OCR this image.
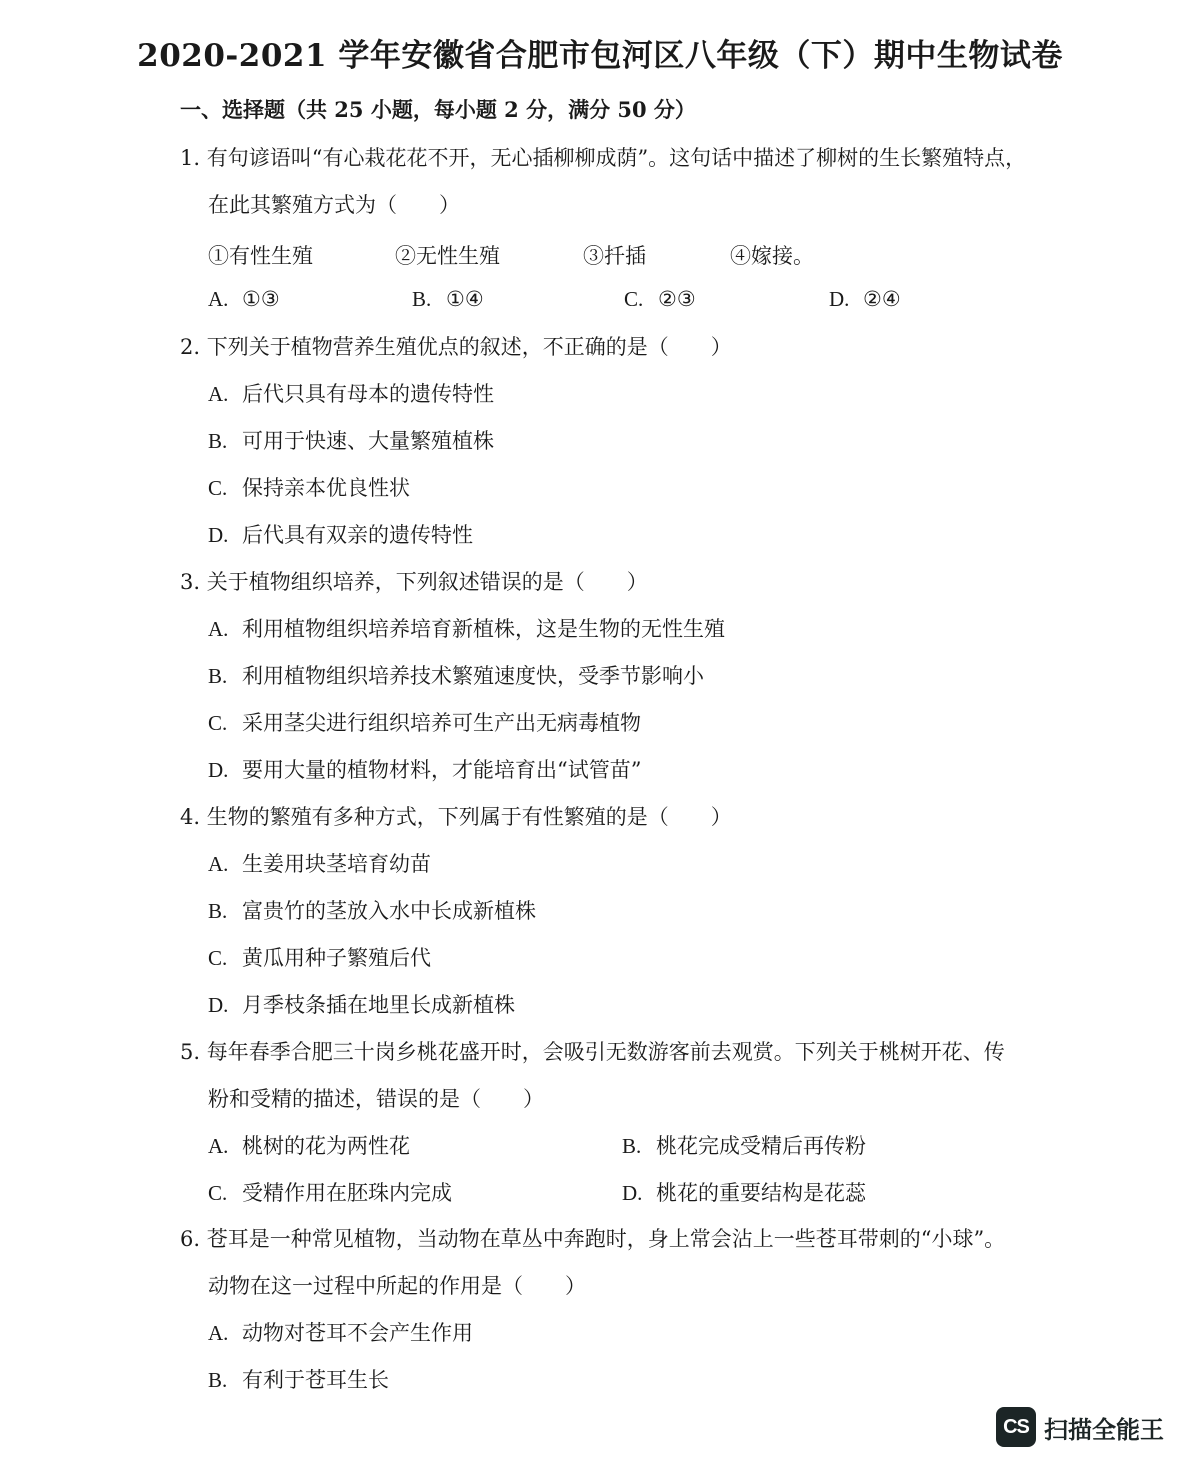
2020-2021 学年安徽省合肥市包河区八年级（下）期中生物试卷
一、选择题（共 25 小题，每小题 2 分，满分 50 分）
1. 有句谚语叫“有心栽花花不开，无心插柳柳成荫”。这句话中描述了柳树的生长繁殖特点，
在此其繁殖方式为（　　）
①有性生殖	②无性生殖	③扦插	④嫁接。
A. ①③	B. ①④	C. ②③	D. ②④
2. 下列关于植物营养生殖优点的叙述，不正确的是（　　）
A. 后代只具有母本的遗传特性
B. 可用于快速、大量繁殖植株
C. 保持亲本优良性状
D. 后代具有双亲的遗传特性
3. 关于植物组织培养，下列叙述错误的是（　　）
A. 利用植物组织培养培育新植株，这是生物的无性生殖
B. 利用植物组织培养技术繁殖速度快，受季节影响小
C. 采用茎尖进行组织培养可生产出无病毒植物
D. 要用大量的植物材料，才能培育出“试管苗”
4. 生物的繁殖有多种方式，下列属于有性繁殖的是（　　）
A. 生姜用块茎培育幼苗
B. 富贵竹的茎放入水中长成新植株
C. 黄瓜用种子繁殖后代
D. 月季枝条插在地里长成新植株
5. 每年春季合肥三十岗乡桃花盛开时，会吸引无数游客前去观赏。下列关于桃树开花、传
粉和受精的描述，错误的是（　　）
A. 桃树的花为两性花	B. 桃花完成受精后再传粉
C. 受精作用在胚珠内完成	D. 桃花的重要结构是花蕊
6. 苍耳是一种常见植物，当动物在草丛中奔跑时，身上常会沾上一些苍耳带刺的“小球”。
动物在这一过程中所起的作用是（　　）
A. 动物对苍耳不会产生作用
B. 有利于苍耳生长
CS 扫描全能王
